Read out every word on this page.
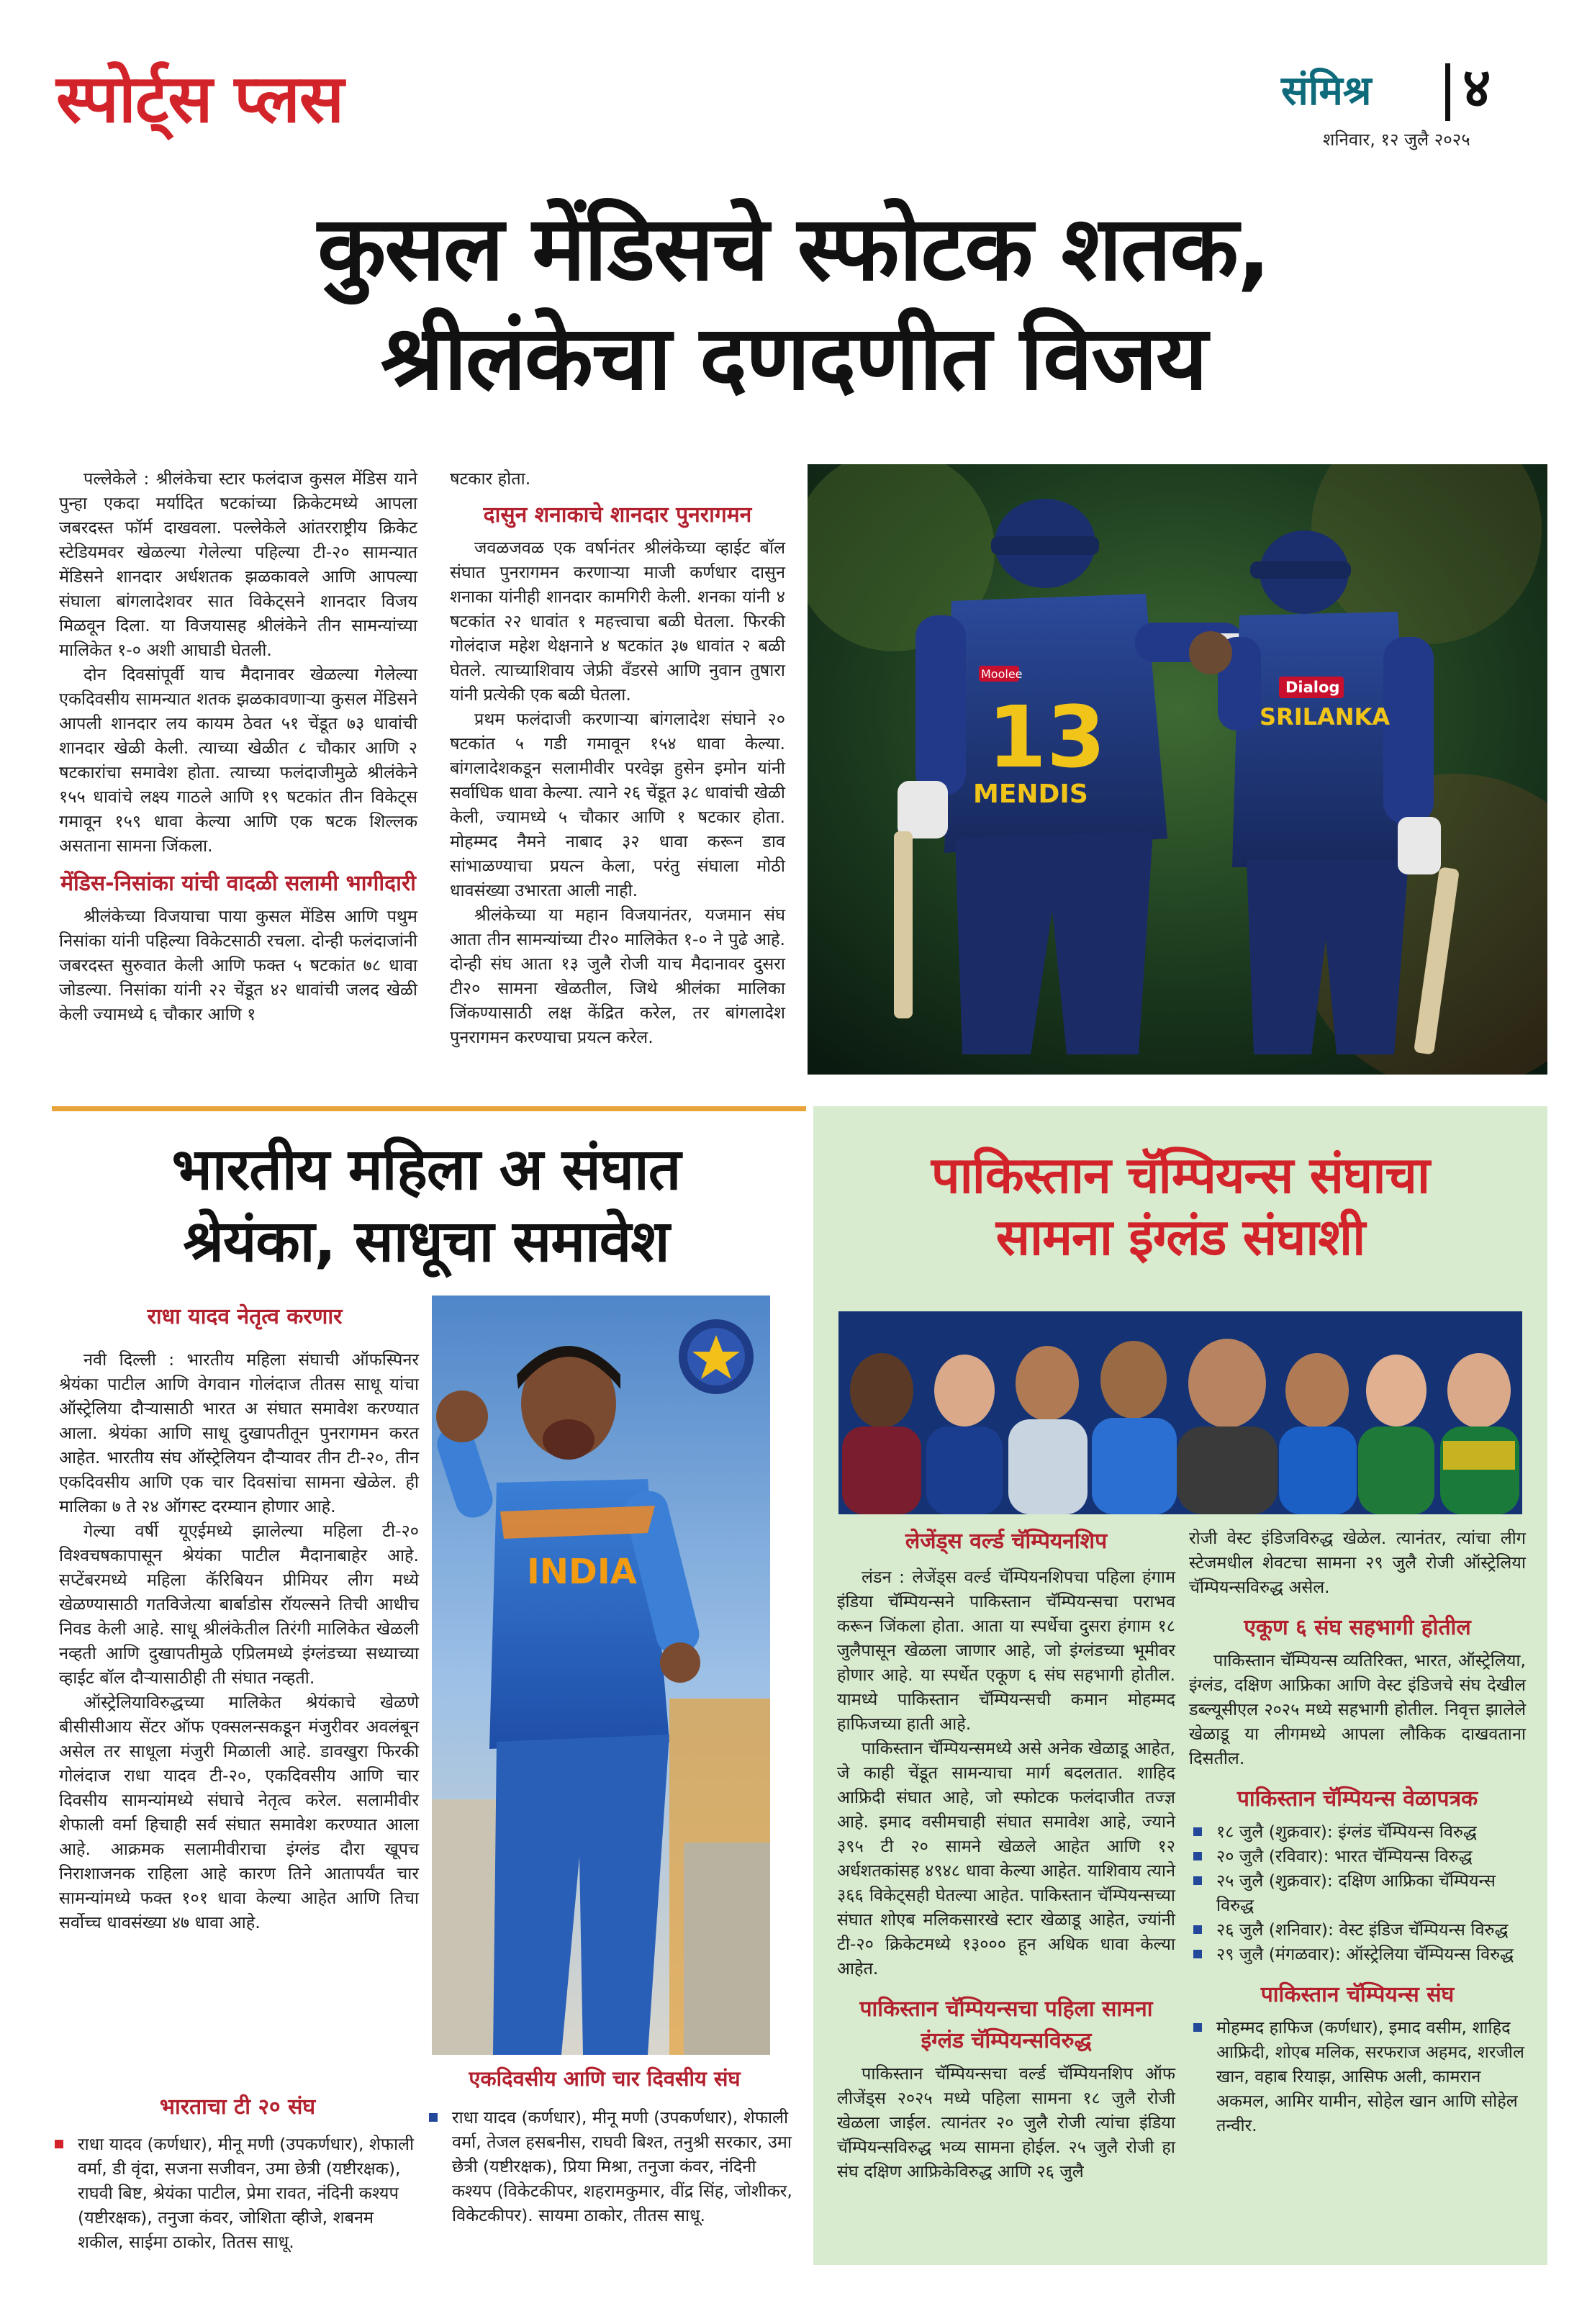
स्पोर्ट्स प्लस	संमिश्र ४
शनिवार, १२ जुलै २०२५
कुसल मेंडिसचे स्फोटक शतक,
श्रीलंकेचा दणदणीत विजय

पल्लेकेले : श्रीलंकेचा स्टार फलंदाज कुसल मेंडिस याने पुन्हा एकदा मर्यादित षटकांच्या क्रिकेटमध्ये आपला जबरदस्त फॉर्म दाखवला. पल्लेकेले आंतरराष्ट्रीय क्रिकेट स्टेडियमवर खेळल्या गेलेल्या पहिल्या टी-२० सामन्यात मेंडिसने शानदार अर्धशतक झळकावले आणि आपल्या संघाला बांगलादेशवर सात विकेट्सने शानदार विजय मिळवून दिला. या विजयासह श्रीलंकेने तीन सामन्यांच्या मालिकेत १-० अशी आघाडी घेतली.

दोन दिवसांपूर्वी याच मैदानावर खेळल्या गेलेल्या एकदिवसीय सामन्यात शतक झळकावणाऱ्या कुसल मेंडिसने आपली शानदार लय कायम ठेवत ५१ चेंडूत ७३ धावांची शानदार खेळी केली. त्याच्या खेळीत ८ चौकार आणि २ षटकारांचा समावेश होता. त्याच्या फलंदाजीमुळे श्रीलंकेने १५५ धावांचे लक्ष्य गाठले आणि १९ षटकांत तीन विकेट्स गमावून १५९ धावा केल्या आणि एक षटक शिल्लक असताना सामना जिंकला.

मेंडिस-निसांका यांची वादळी सलामी भागीदारी

श्रीलंकेच्या विजयाचा पाया कुसल मेंडिस आणि पथुम निसांका यांनी पहिल्या विकेटसाठी रचला. दोन्ही फलंदाजांनी जबरदस्त सुरुवात केली आणि फक्त ५ षटकांत ७८ धावा जोडल्या. निसांका यांनी २२ चेंडूत ४२ धावांची जलद खेळी केली ज्यामध्ये ६ चौकार आणि १

षटकार होता.

दासुन शनाकाचे शानदार पुनरागमन

जवळजवळ एक वर्षानंतर श्रीलंकेच्या व्हाईट बॉल संघात पुनरागमन करणाऱ्या माजी कर्णधार दासुन शनाका यांनीही शानदार कामगिरी केली. शनका यांनी ४ षटकांत २२ धावांत १ महत्त्वाचा बळी घेतला. फिरकी गोलंदाज महेश थेक्षनाने ४ षटकांत ३७ धावांत २ बळी घेतले. त्याच्याशिवाय जेफ्री वँडरसे आणि नुवान तुषारा यांनी प्रत्येकी एक बळी घेतला.

प्रथम फलंदाजी करणाऱ्या बांगलादेश संघाने २० षटकांत ५ गडी गमावून १५४ धावा केल्या. बांगलादेशकडून सलामीवीर परवेझ हुसेन इमोन यांनी सर्वाधिक धावा केल्या. त्याने २६ चेंडूत ३८ धावांची खेळी केली, ज्यामध्ये ५ चौकार आणि १ षटकार होता. मोहम्मद नैमने नाबाद ३२ धावा करून डाव सांभाळण्याचा प्रयत्न केला, परंतु संघाला मोठी धावसंख्या उभारता आली नाही.

श्रीलंकेच्या या महान विजयानंतर, यजमान संघ आता तीन सामन्यांच्या टी२० मालिकेत १-० ने पुढे आहे. दोन्ही संघ आता १३ जुलै रोजी याच मैदानावर दुसरा टी२० सामना खेळतील, जिथे श्रीलंका मालिका जिंकण्यासाठी लक्ष केंद्रित करेल, तर बांगलादेश पुनरागमन करण्याचा प्रयत्न करेल.

Moolee
13
MENDIS
Dialog
SRILANKA
भारतीय महिला अ संघात
श्रेयंका, साधूचा समावेश
राधा यादव नेतृत्व करणार

नवी दिल्ली : भारतीय महिला संघाची ऑफस्पिनर श्रेयंका पाटील आणि वेगवान गोलंदाज तीतस साधू यांचा ऑस्ट्रेलिया दौऱ्यासाठी भारत अ संघात समावेश करण्यात आला. श्रेयंका आणि साधू दुखापतीतून पुनरागमन करत आहेत. भारतीय संघ ऑस्ट्रेलियन दौऱ्यावर तीन टी-२०, तीन एकदिवसीय आणि एक चार दिवसांचा सामना खेळेल. ही मालिका ७ ते २४ ऑगस्ट दरम्यान होणार आहे.

गेल्या वर्षी यूएईमध्ये झालेल्या महिला टी-२० विश्वचषकापासून श्रेयंका पाटील मैदानाबाहेर आहे. सप्टेंबरमध्ये महिला कॅरिबियन प्रीमियर लीग मध्ये खेळण्यासाठी गतविजेत्या बार्बाडोस रॉयल्सने तिची आधीच निवड केली आहे. साधू श्रीलंकेतील तिरंगी मालिकेत खेळली नव्हती आणि दुखापतीमुळे एप्रिलमध्ये इंग्लंडच्या सध्याच्या व्हाईट बॉल दौऱ्यासाठीही ती संघात नव्हती.

ऑस्ट्रेलियाविरुद्धच्या मालिकेत श्रेयंकाचे खेळणे बीसीसीआय सेंटर ऑफ एक्सलन्सकडून मंजुरीवर अवलंबून असेल तर साधूला मंजुरी मिळाली आहे. डावखुरा फिरकी गोलंदाज राधा यादव टी-२०, एकदिवसीय आणि चार दिवसीय सामन्यांमध्ये संघाचे नेतृत्व करेल. सलामीवीर शेफाली वर्मा हिचाही सर्व संघात समावेश करण्यात आला आहे. आक्रमक सलामीवीराचा इंग्लंड दौरा खूपच निराशाजनक राहिला आहे कारण तिने आतापर्यंत चार सामन्यांमध्ये फक्त १०१ धावा केल्या आहेत आणि तिचा सर्वोच्च धावसंख्या ४७ धावा आहे.

भारताचा टी २० संघ
राधा यादव (कर्णधार), मीनू मणी (उपकर्णधार), शेफाली वर्मा, डी वृंदा, सजना सजीवन, उमा छेत्री (यष्टीरक्षक), राघवी बिष्ट, श्रेयंका पाटील, प्रेमा रावत, नंदिनी कश्यप (यष्टीरक्षक), तनुजा कंवर, जोशिता व्हीजे, शबनम शकील, साईमा ठाकोर, तितस साधू.
INDIA
एकदिवसीय आणि चार दिवसीय संघ
राधा यादव (कर्णधार), मीनू मणी (उपकर्णधार), शेफाली वर्मा, तेजल हसबनीस, राघवी बिश्त, तनुश्री सरकार, उमा छेत्री (यष्टीरक्षक), प्रिया मिश्रा, तनुजा कंवर, नंदिनी कश्यप (विकेटकीपर, शहरामकुमार, वींद्र सिंह, जोशीकर, विकेटकीपर). सायमा ठाकोर, तीतस साधू.
पाकिस्तान चॅम्पियन्स संघाचा
सामना इंग्लंड संघाशी
लेजेंड्स वर्ल्ड चॅम्पियनशिप

लंडन : लेजेंड्स वर्ल्ड चॅम्पियनशिपचा पहिला हंगाम इंडिया चॅम्पियन्सने पाकिस्तान चॅम्पियन्सचा पराभव करून जिंकला होता. आता या स्पर्धेचा दुसरा हंगाम १८ जुलैपासून खेळला जाणार आहे, जो इंग्लंडच्या भूमीवर होणार आहे. या स्पर्धेत एकूण ६ संघ सहभागी होतील. यामध्ये पाकिस्तान चॅम्पियन्सची कमान मोहम्मद हाफिजच्या हाती आहे.

पाकिस्तान चॅम्पियन्समध्ये असे अनेक खेळाडू आहेत, जे काही चेंडूत सामन्याचा मार्ग बदलतात. शाहिद आफ्रिदी संघात आहे, जो स्फोटक फलंदाजीत तज्ज्ञ आहे. इमाद वसीमचाही संघात समावेश आहे, ज्याने ३९५ टी २० सामने खेळले आहेत आणि १२ अर्धशतकांसह ४९४८ धावा केल्या आहेत. याशिवाय त्याने ३६६ विकेट्सही घेतल्या आहेत. पाकिस्तान चॅम्पियन्सच्या संघात शोएब मलिकसारखे स्टार खेळाडू आहेत, ज्यांनी टी-२० क्रिकेटमध्ये १३००० हून अधिक धावा केल्या आहेत.

पाकिस्तान चॅम्पियन्सचा पहिला सामना इंग्लंड चॅम्पियन्सविरुद्ध

पाकिस्तान चॅम्पियन्सचा वर्ल्ड चॅम्पियनशिप ऑफ लीजेंड्स २०२५ मध्ये पहिला सामना १८ जुलै रोजी खेळला जाईल. त्यानंतर २० जुलै रोजी त्यांचा इंडिया चॅम्पियन्सविरुद्ध भव्य सामना होईल. २५ जुलै रोजी हा संघ दक्षिण आफ्रिकेविरुद्ध आणि २६ जुलै

रोजी वेस्ट इंडिजविरुद्ध खेळेल. त्यानंतर, त्यांचा लीग स्टेजमधील शेवटचा सामना २९ जुलै रोजी ऑस्ट्रेलिया चॅम्पियन्सविरुद्ध असेल.

एकूण ६ संघ सहभागी होतील

पाकिस्तान चॅम्पियन्स व्यतिरिक्त, भारत, ऑस्ट्रेलिया, इंग्लंड, दक्षिण आफ्रिका आणि वेस्ट इंडिजचे संघ देखील डब्ल्यूसीएल २०२५ मध्ये सहभागी होतील. निवृत्त झालेले खेळाडू या लीगमध्ये आपला लौकिक दाखवताना दिसतील.

पाकिस्तान चॅम्पियन्स वेळापत्रक
१८ जुलै (शुक्रवार): इंग्लंड चॅम्पियन्स विरुद्ध
२० जुलै (रविवार): भारत चॅम्पियन्स विरुद्ध
२५ जुलै (शुक्रवार): दक्षिण आफ्रिका चॅम्पियन्स विरुद्ध
२६ जुलै (शनिवार): वेस्ट इंडिज चॅम्पियन्स विरुद्ध
२९ जुलै (मंगळवार): ऑस्ट्रेलिया चॅम्पियन्स विरुद्ध
पाकिस्तान चॅम्पियन्स संघ
मोहम्मद हाफिज (कर्णधार), इमाद वसीम, शाहिद आफ्रिदी, शोएब मलिक, सरफराज अहमद, शरजील खान, वहाब रियाझ, आसिफ अली, कामरान अकमल, आमिर यामीन, सोहेल खान आणि सोहेल तन्वीर.
